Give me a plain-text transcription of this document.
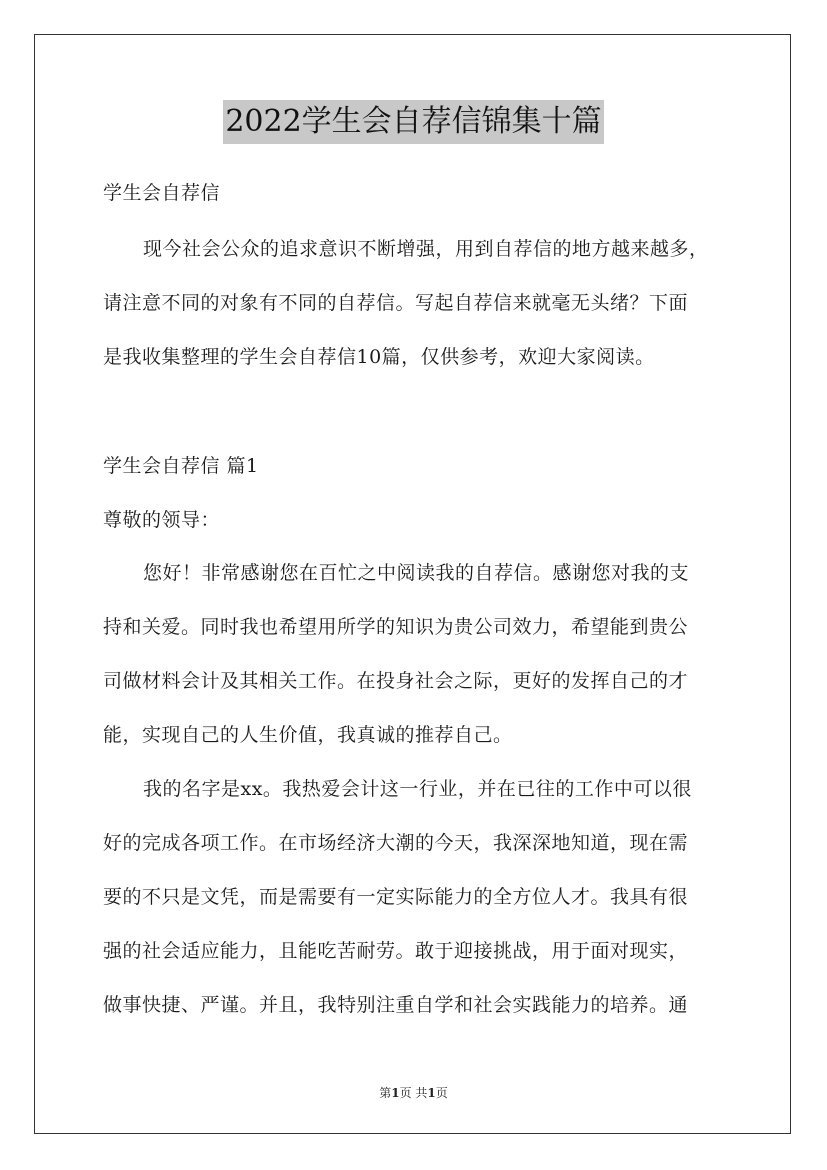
2022学生会自荐信锦集十篇
学生会自荐信
现今社会公众的追求意识不断增强，用到自荐信的地方越来越多，
请注意不同的对象有不同的自荐信。写起自荐信来就毫无头绪？下面
是我收集整理的学生会自荐信10篇，仅供参考，欢迎大家阅读。
学生会自荐信 篇1
尊敬的领导：
您好！非常感谢您在百忙之中阅读我的自荐信。感谢您对我的支
持和关爱。同时我也希望用所学的知识为贵公司效力，希望能到贵公
司做材料会计及其相关工作。在投身社会之际，更好的发挥自己的才
能，实现自己的人生价值，我真诚的推荐自己。
我的名字是xx。我热爱会计这一行业，并在已往的工作中可以很
好的完成各项工作。在市场经济大潮的今天，我深深地知道，现在需
要的不只是文凭，而是需要有一定实际能力的全方位人才。我具有很
强的社会适应能力，且能吃苦耐劳。敢于迎接挑战，用于面对现实，
做事快捷、严谨。并且，我特别注重自学和社会实践能力的培养。通
第1页 共1页
